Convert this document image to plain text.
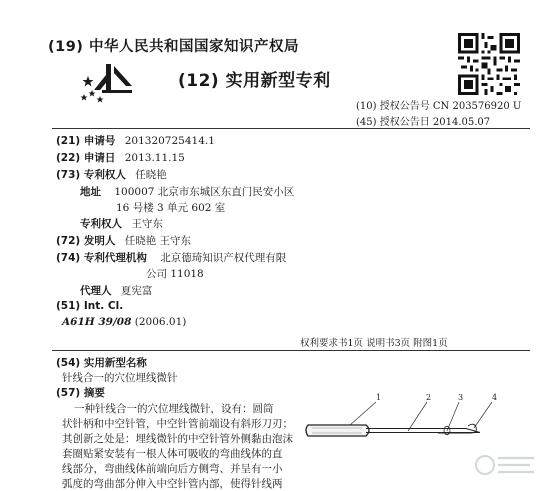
(19) 中华人民共和国国家知识产权局
(12) 实用新型专利
(10) 授权公告号 CN 203576920 U
(45) 授权公告日 2014.05.07
(21) 申请号 201320725414.1
(22) 申请日 2013.11.15
(73) 专利权人 任晓艳
地址 100007 北京市东城区东直门民安小区
16 号楼 3 单元 602 室
专利权人 王守东
(72) 发明人 任晓艳 王守东
(74) 专利代理机构 北京德琦知识产权代理有限
公司 11018
代理人 夏宪富
(51) Int. Cl.
A61H 39/08 (2006.01)
权利要求书1页 说明书3页 附图1页
(54) 实用新型名称
针线合一的穴位埋线微针
(57) 摘要
一种针线合一的穴位埋线微针，设有：圆筒
状针柄和中空针管，中空针管前端设有斜形刀刃；
其创新之处是：埋线微针的中空针管外侧黏由泡沫
套圈贴紧安装有一根人体可吸收的弯曲线体的直
线部分，弯曲线体前端向后方侧弯、并呈有一小
弧度的弯曲部分伸入中空针管内部，使得针线两
1	2	3	4
